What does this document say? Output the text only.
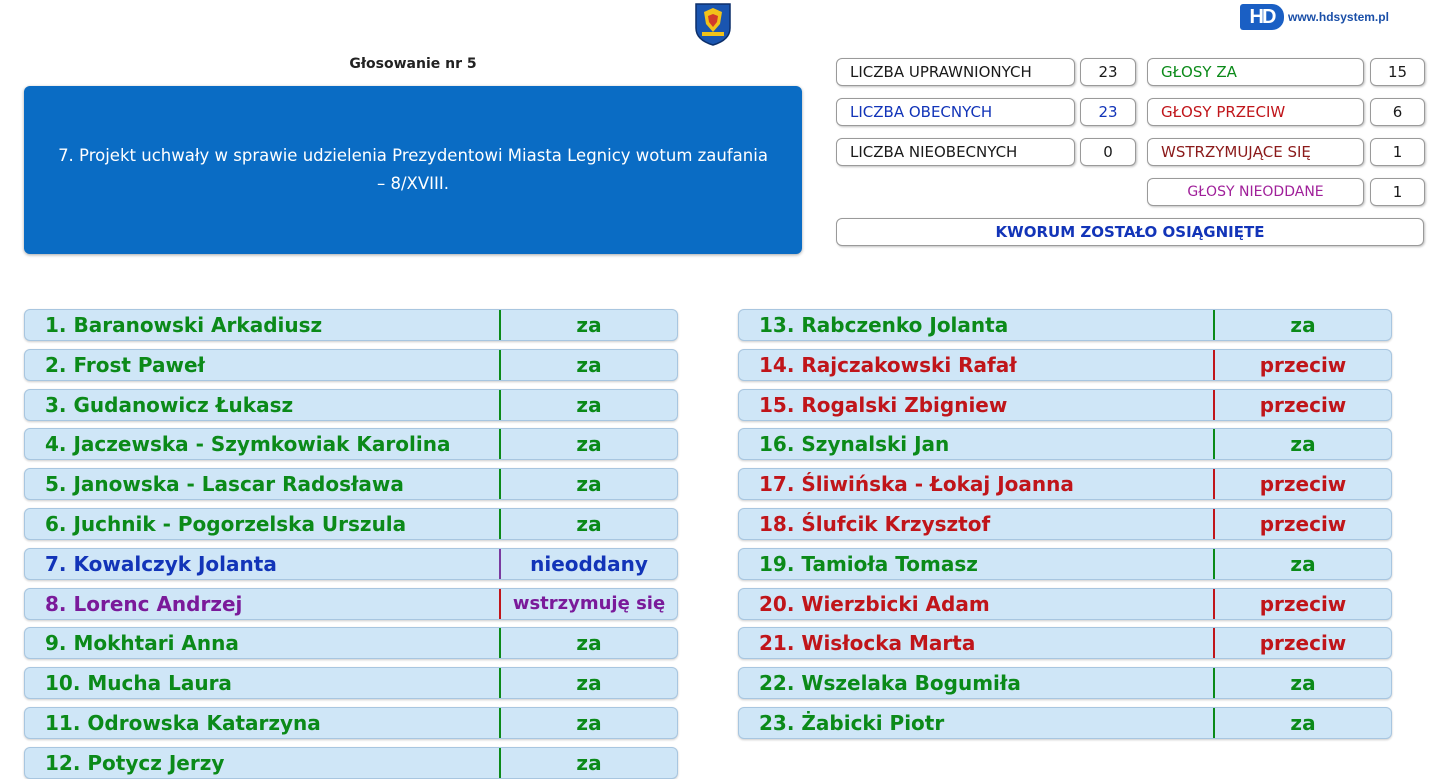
HD	www.hdsystem.pl
Głosowanie nr 5
7. Projekt uchwały w sprawie udzielenia Prezydentowi Miasta Legnicy wotum zaufania – 8/XVIII.
LICZBA UPRAWNIONYCH	23
LICZBA OBECNYCH	23
LICZBA NIEOBECNYCH	0
GŁOSY ZA	15
GŁOSY PRZECIW	6
WSTRZYMUJĄCE SIĘ	1
GŁOSY NIEODDANE	1
KWORUM ZOSTAŁO OSIĄGNIĘTE
1. Baranowski Arkadiusz	za
2. Frost Paweł	za
3. Gudanowicz Łukasz	za
4. Jaczewska - Szymkowiak Karolina	za
5. Janowska - Lascar Radosława	za
6. Juchnik - Pogorzelska Urszula	za
7. Kowalczyk Jolanta	nieoddany
8. Lorenc Andrzej	wstrzymuję się
9. Mokhtari Anna	za
10. Mucha Laura	za
11. Odrowska Katarzyna	za
12. Potycz Jerzy	za
13. Rabczenko Jolanta	za
14. Rajczakowski Rafał	przeciw
15. Rogalski Zbigniew	przeciw
16. Szynalski Jan	za
17. Śliwińska - Łokaj Joanna	przeciw
18. Ślufcik Krzysztof	przeciw
19. Tamioła Tomasz	za
20. Wierzbicki Adam	przeciw
21. Wisłocka Marta	przeciw
22. Wszelaka Bogumiła	za
23. Żabicki Piotr	za
